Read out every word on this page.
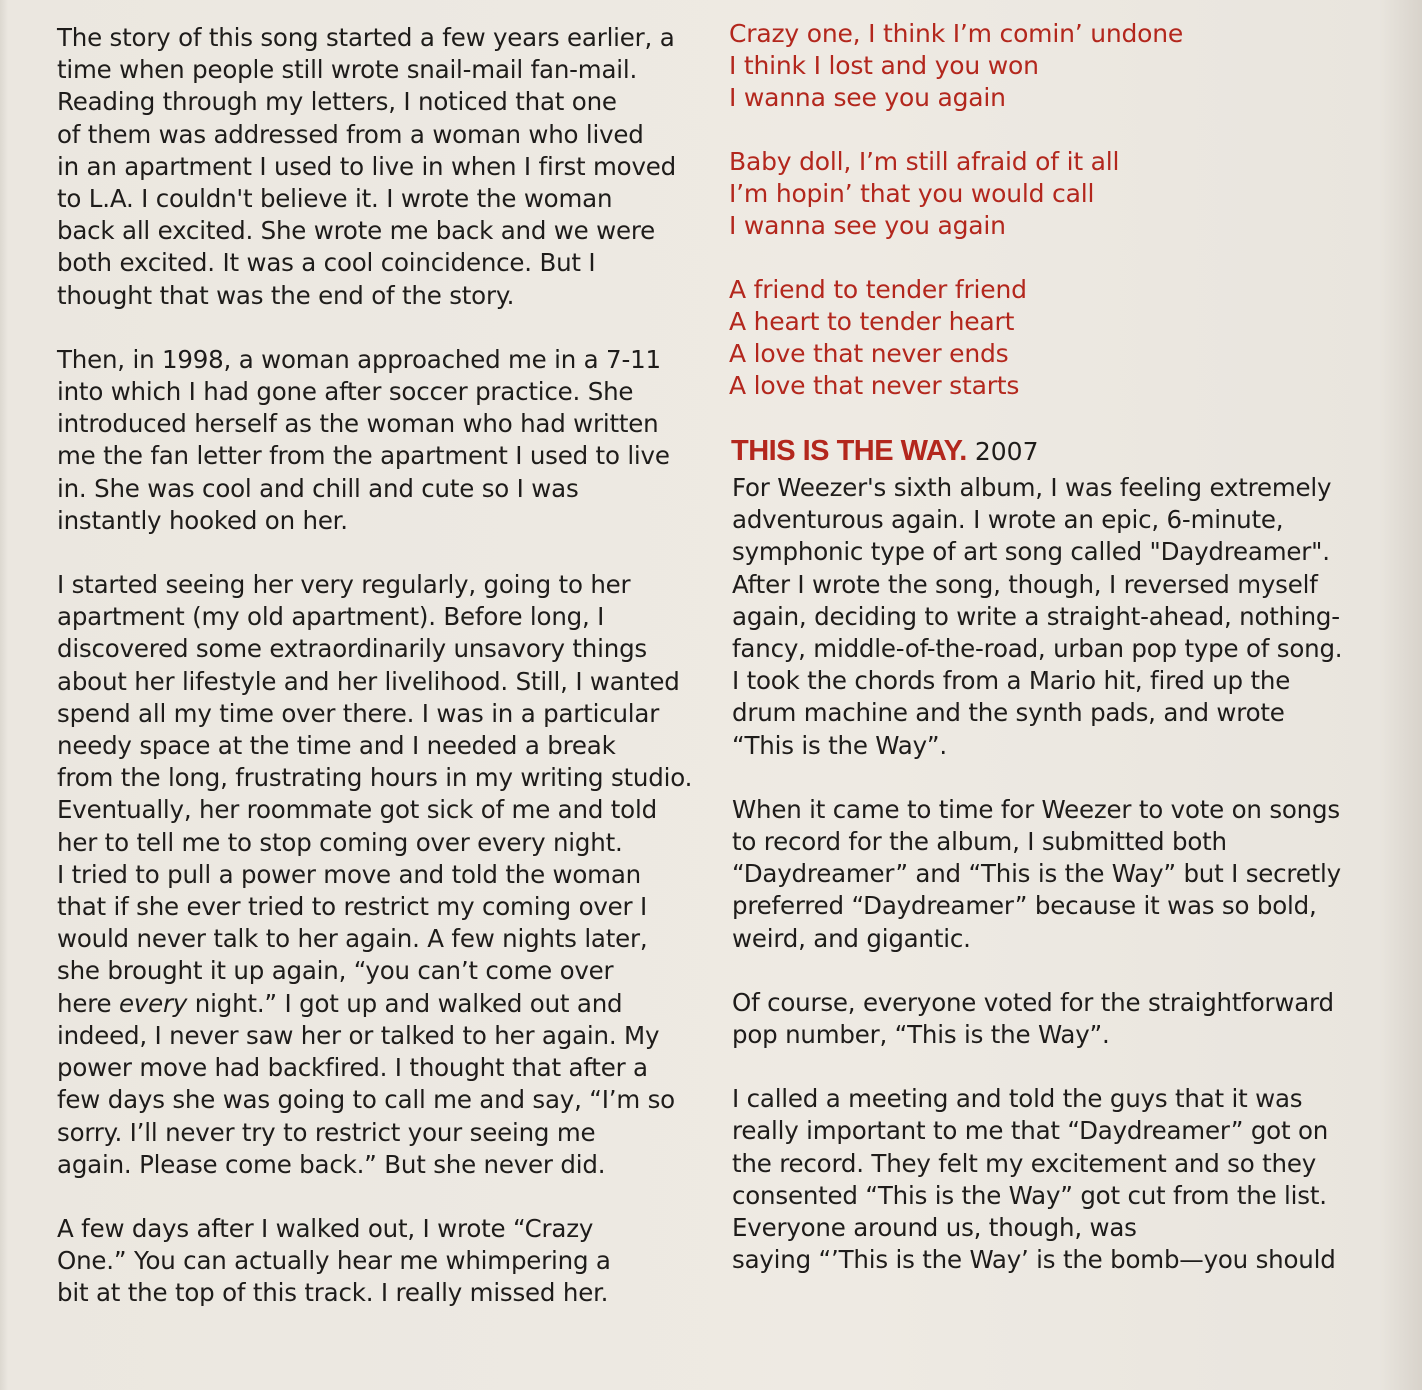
The story of this song started a few years earlier, a
time when people still wrote snail-mail fan-mail.
Reading through my letters, I noticed that one
of them was addressed from a woman who lived
in an apartment I used to live in when I first moved
to L.A. I couldn't believe it. I wrote the woman
back all excited. She wrote me back and we were
both excited. It was a cool coincidence. But I
thought that was the end of the story.

Then, in 1998, a woman approached me in a 7-11
into which I had gone after soccer practice. She
introduced herself as the woman who had written
me the fan letter from the apartment I used to live
in. She was cool and chill and cute so I was
instantly hooked on her.

I started seeing her very regularly, going to her
apartment (my old apartment). Before long, I
discovered some extraordinarily unsavory things
about her lifestyle and her livelihood. Still, I wanted
spend all my time over there. I was in a particular
needy space at the time and I needed a break
from the long, frustrating hours in my writing studio.
Eventually, her roommate got sick of me and told
her to tell me to stop coming over every night.
I tried to pull a power move and told the woman
that if she ever tried to restrict my coming over I
would never talk to her again. A few nights later,
she brought it up again, “you can’t come over
here every night.” I got up and walked out and
indeed, I never saw her or talked to her again. My
power move had backfired. I thought that after a
few days she was going to call me and say, “I’m so
sorry. I’ll never try to restrict your seeing me
again. Please come back.” But she never did.

A few days after I walked out, I wrote “Crazy
One.” You can actually hear me whimpering a
bit at the top of this track. I really missed her.

Crazy one, I think I’m comin’ undone
I think I lost and you won
I wanna see you again

Baby doll, I’m still afraid of it all
I’m hopin’ that you would call
I wanna see you again

A friend to tender friend
A heart to tender heart
A love that never ends
A love that never starts

THIS IS THE WAY. 2007

For Weezer's sixth album, I was feeling extremely
adventurous again. I wrote an epic, 6-minute,
symphonic type of art song called "Daydreamer".
After I wrote the song, though, I reversed myself
again, deciding to write a straight-ahead, nothing-
fancy, middle-of-the-road, urban pop type of song.
I took the chords from a Mario hit, fired up the
drum machine and the synth pads, and wrote
“This is the Way”.

When it came to time for Weezer to vote on songs
to record for the album, I submitted both
“Daydreamer” and “This is the Way” but I secretly
preferred “Daydreamer” because it was so bold,
weird, and gigantic.

Of course, everyone voted for the straightforward
pop number, “This is the Way”.

I called a meeting and told the guys that it was
really important to me that “Daydreamer” got on
the record. They felt my excitement and so they
consented “This is the Way” got cut from the list.
Everyone around us, though, was
saying “’This is the Way’ is the bomb—you should
